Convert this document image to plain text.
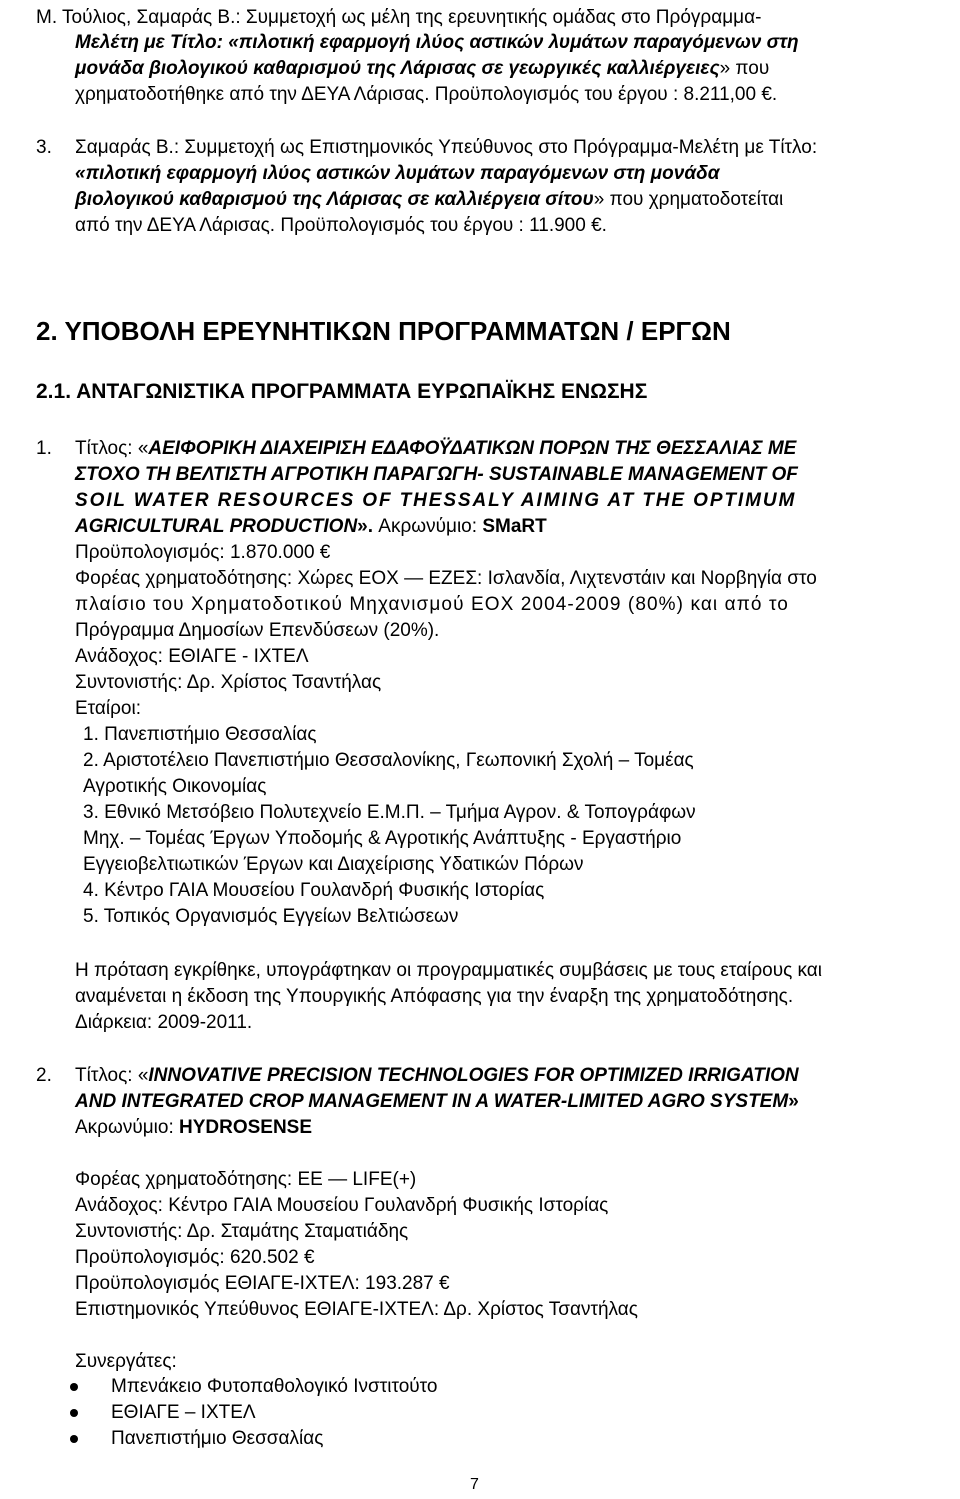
Μ. Τούλιος, Σαμαράς Β.: Συμμετοχή ως μέλη της ερευνητικής ομάδας στο Πρόγραμμα-
Μελέτη με Τίτλο: «πιλοτική εφαρμογή ιλύος αστικών λυμάτων παραγόμενων στη
μονάδα βιολογικού καθαρισμού της Λάρισας σε γεωργικές καλλιέργειες» που
χρηματοδοτήθηκε από την ΔΕΥΑ Λάρισας. Προϋπολογισμός του έργου : 8.211,00 €.
3. Σαμαράς Β.: Συμμετοχή ως Επιστημονικός Υπεύθυνος στο Πρόγραμμα-Μελέτη με Τίτλο:
«πιλοτική εφαρμογή ιλύος αστικών λυμάτων παραγόμενων στη μονάδα
βιολογικού καθαρισμού της Λάρισας σε καλλιέργεια σίτου» που χρηματοδοτείται
από την ΔΕΥΑ Λάρισας. Προϋπολογισμός του έργου : 11.900 €.
2. ΥΠΟΒΟΛΗ ΕΡΕΥΝΗΤΙΚΩΝ ΠΡΟΓΡΑΜΜΑΤΩΝ / ΕΡΓΩΝ
2.1. ΑΝΤΑΓΩΝΙΣΤΙΚΑ ΠΡΟΓΡΑΜΜΑΤΑ ΕΥΡΩΠΑΪΚΗΣ ΕΝΩΣΗΣ
1. Τίτλος: «ΑΕΙΦΟΡΙΚΗ ΔΙΑΧΕΙΡΙΣΗ ΕΔΑΦΟΫΔΑΤΙΚΩΝ ΠΟΡΩΝ ΤΗΣ ΘΕΣΣΑΛΙΑΣ ΜΕ
ΣΤΟΧΟ ΤΗ ΒΕΛΤΙΣΤΗ ΑΓΡΟΤΙΚΗ ΠΑΡΑΓΩΓΗ- SUSTAINABLE MANAGEMENT OF
SOIL WATER RESOURCES OF THESSALY AIMING AT THE OPTIMUM
AGRICULTURAL PRODUCTION». Ακρωνύμιο: SMaRT
Προϋπολογισμός: 1.870.000 €
Φορέας χρηματοδότησης: Χώρες ΕΟΧ — ΕΖΕΣ: Ισλανδία, Λιχτενστάιν και Νορβηγία στο
πλαίσιο του Χρηματοδοτικού Μηχανισμού ΕΟΧ 2004-2009 (80%) και από το
Πρόγραμμα Δημοσίων Επενδύσεων (20%).
Ανάδοχος: ΕΘΙΑΓΕ - ΙΧΤΕΛ
Συντονιστής: Δρ. Χρίστος Τσαντήλας
Εταίροι:
1. Πανεπιστήμιο Θεσσαλίας
2. Αριστοτέλειο Πανεπιστήμιο Θεσσαλονίκης, Γεωπονική Σχολή – Τομέας
Αγροτικής Οικονομίας
3. Εθνικό Μετσόβειο Πολυτεχνείο Ε.Μ.Π. – Τμήμα Αγρον. & Τοπογράφων
Μηχ. – Τομέας Έργων Υποδομής & Αγροτικής Ανάπτυξης - Εργαστήριο
Εγγειοβελτιωτικών Έργων και Διαχείρισης Υδατικών Πόρων
4. Κέντρο ΓΑΙΑ Μουσείου Γουλανδρή Φυσικής Ιστορίας
5. Τοπικός Οργανισμός Εγγείων Βελτιώσεων
Η πρόταση εγκρίθηκε, υπογράφτηκαν οι προγραμματικές συμβάσεις με τους εταίρους και
αναμένεται η έκδοση της Υπουργικής Απόφασης για την έναρξη της χρηματοδότησης.
Διάρκεια: 2009-2011.
2. Τίτλος: «INNOVATIVE PRECISION TECHNOLOGIES FOR OPTIMIZED IRRIGATION
AND INTEGRATED CROP MANAGEMENT IN A WATER-LIMITED AGRO SYSTEM»
Ακρωνύμιο: HYDROSENSE
Φορέας χρηματοδότησης: ΕΕ — LIFE(+)
Ανάδοχος: Κέντρο ΓΑΙΑ Μουσείου Γουλανδρή Φυσικής Ιστορίας
Συντονιστής: Δρ. Σταμάτης Σταματιάδης
Προϋπολογισμός: 620.502 €
Προϋπολογισμός ΕΘΙΑΓΕ-ΙΧΤΕΛ: 193.287 €
Επιστημονικός Υπεύθυνος ΕΘΙΑΓΕ-ΙΧΤΕΛ: Δρ. Χρίστος Τσαντήλας
Συνεργάτες:
Μπενάκειο Φυτοπαθολογικό Ινστιτούτο
ΕΘΙΑΓΕ – ΙΧΤΕΛ
Πανεπιστήμιο Θεσσαλίας
7
